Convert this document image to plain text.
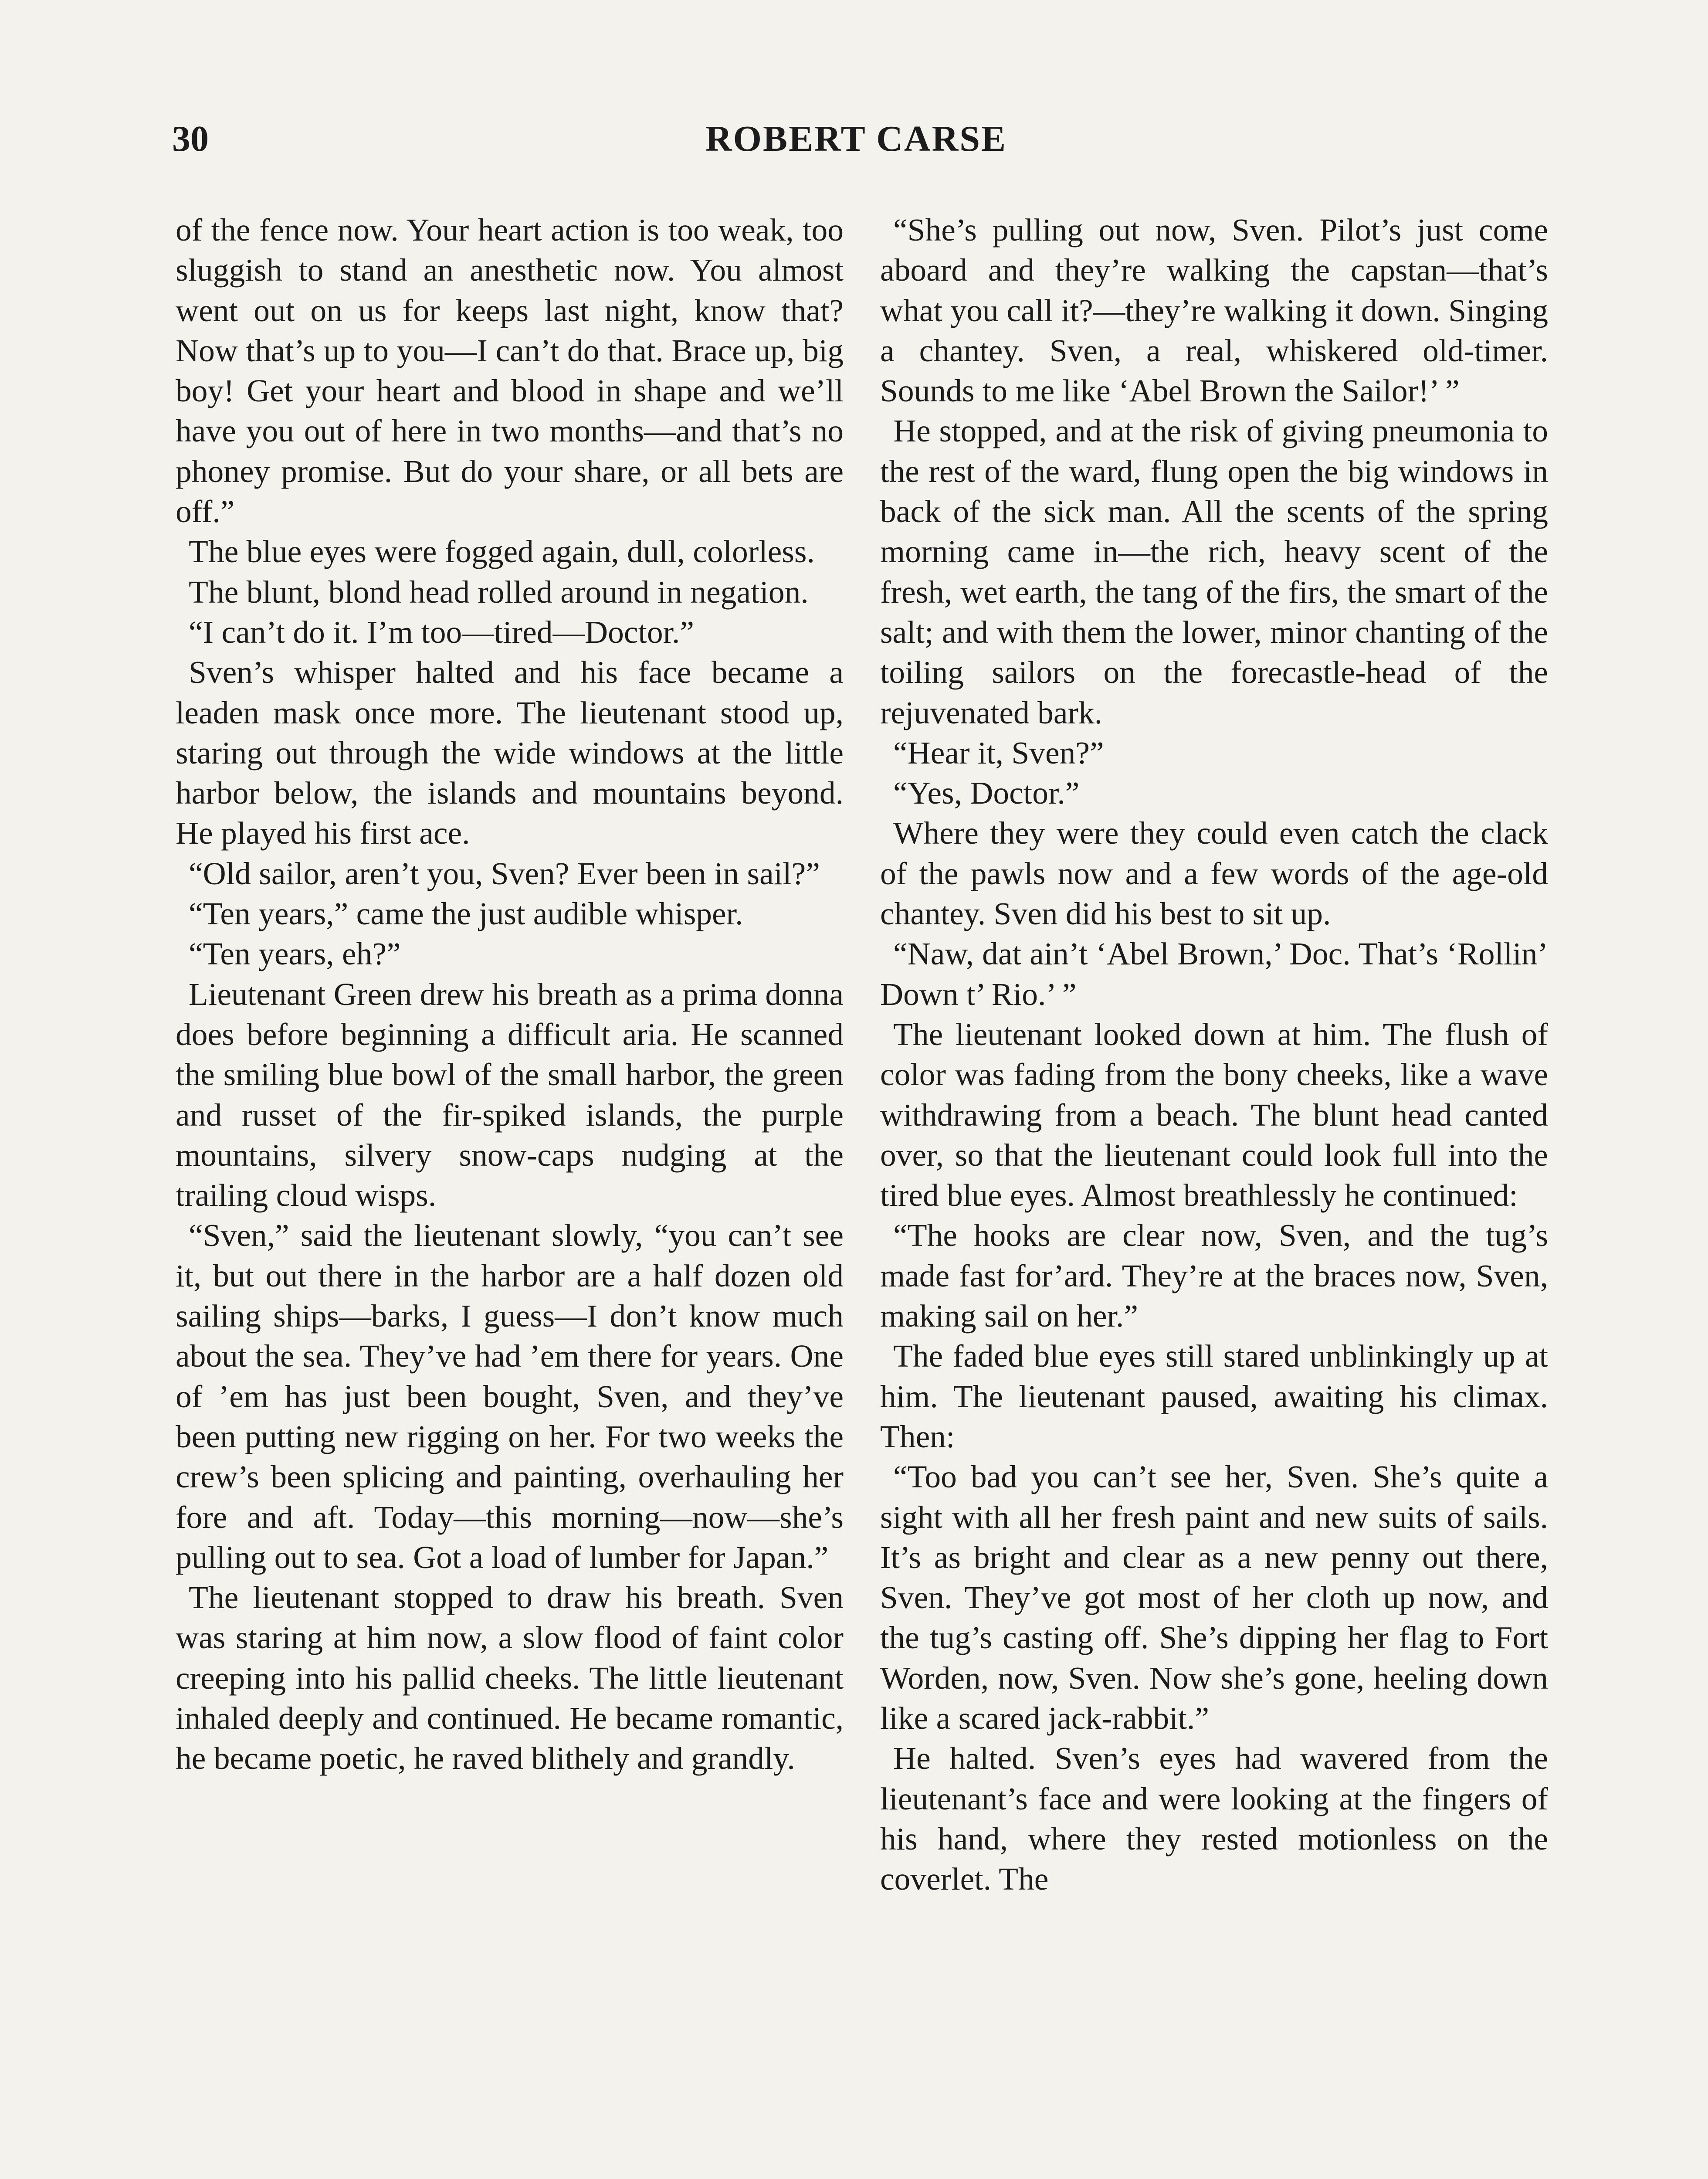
30	ROBERT CARSE

of the fence now. Your heart action is too weak, too sluggish to stand an anesthetic now. You almost went out on us for keeps last night, know that? Now that’s up to you—I can’t do that. Brace up, big boy! Get your heart and blood in shape and we’ll have you out of here in two months—and that’s no phoney promise. But do your share, or all bets are off.”

The blue eyes were fogged again, dull, colorless.

The blunt, blond head rolled around in negation.

“I can’t do it. I’m too—tired—Doctor.”

Sven’s whisper halted and his face became a leaden mask once more. The lieutenant stood up, staring out through the wide windows at the little harbor below, the islands and mountains beyond. He played his first ace.

“Old sailor, aren’t you, Sven? Ever been in sail?”

“Ten years,” came the just audible whisper.

“Ten years, eh?”

Lieutenant Green drew his breath as a prima donna does before beginning a difficult aria. He scanned the smiling blue bowl of the small harbor, the green and russet of the fir-spiked islands, the purple mountains, silvery snow-caps nudging at the trailing cloud wisps.

“Sven,” said the lieutenant slowly, “you can’t see it, but out there in the harbor are a half dozen old sailing ships—barks, I guess—I don’t know much about the sea. They’ve had ’em there for years. One of ’em has just been bought, Sven, and they’ve been putting new rigging on her. For two weeks the crew’s been splicing and painting, overhauling her fore and aft. Today—this morning—now—she’s pulling out to sea. Got a load of lumber for Japan.”

The lieutenant stopped to draw his breath. Sven was staring at him now, a slow flood of faint color creeping into his pallid cheeks. The little lieutenant inhaled deeply and continued. He became romantic, he became poetic, he raved blithely and grandly.

“She’s pulling out now, Sven. Pilot’s just come aboard and they’re walking the capstan—that’s what you call it?—they’re walking it down. Singing a chantey. Sven, a real, whiskered old-timer. Sounds to me like ‘Abel Brown the Sailor!’ ”

He stopped, and at the risk of giving pneumonia to the rest of the ward, flung open the big windows in back of the sick man. All the scents of the spring morning came in—the rich, heavy scent of the fresh, wet earth, the tang of the firs, the smart of the salt; and with them the lower, minor chanting of the toiling sailors on the forecastle-head of the rejuvenated bark.

“Hear it, Sven?”

“Yes, Doctor.”

Where they were they could even catch the clack of the pawls now and a few words of the age-old chantey. Sven did his best to sit up.

“Naw, dat ain’t ‘Abel Brown,’ Doc. That’s ‘Rollin’ Down t’ Rio.’ ”

The lieutenant looked down at him. The flush of color was fading from the bony cheeks, like a wave withdrawing from a beach. The blunt head canted over, so that the lieutenant could look full into the tired blue eyes. Almost breathlessly he continued:

“The hooks are clear now, Sven, and the tug’s made fast for’ard. They’re at the braces now, Sven, making sail on her.”

The faded blue eyes still stared unblinkingly up at him. The lieutenant paused, awaiting his climax. Then:

“Too bad you can’t see her, Sven. She’s quite a sight with all her fresh paint and new suits of sails. It’s as bright and clear as a new penny out there, Sven. They’ve got most of her cloth up now, and the tug’s casting off. She’s dipping her flag to Fort Worden, now, Sven. Now she’s gone, heeling down like a scared jack-rabbit.”

He halted. Sven’s eyes had wavered from the lieutenant’s face and were looking at the fingers of his hand, where they rested motionless on the coverlet. The
